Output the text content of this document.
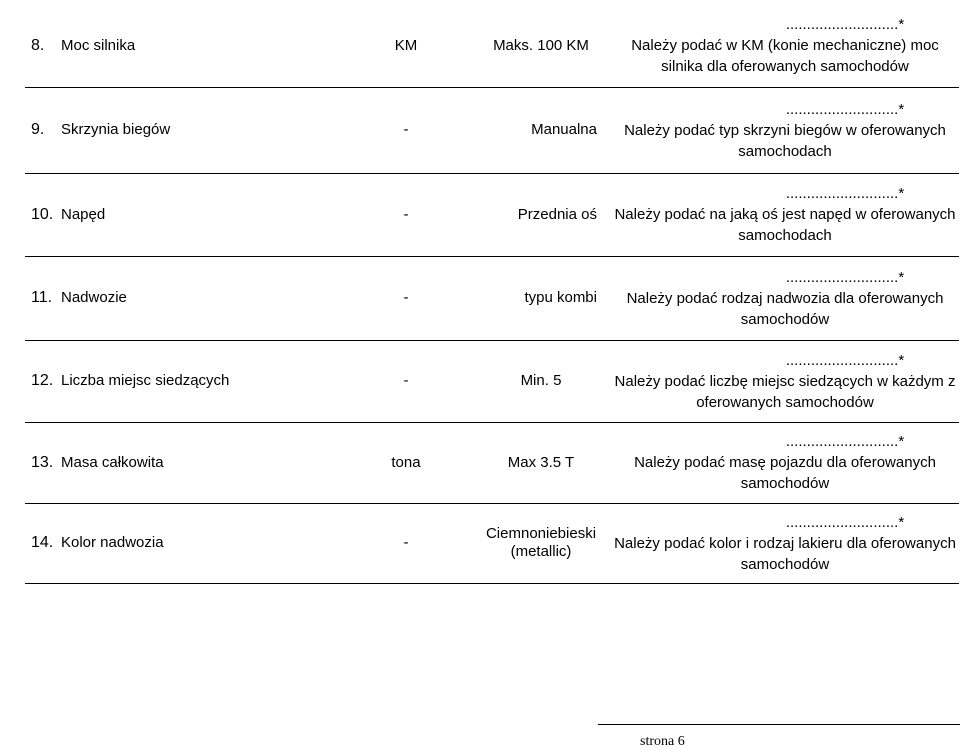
8.	Moc silnika	KM	Maks. 100 KM	...........................*
Należy podać w KM (konie mechaniczne) moc silnika dla oferowanych samochodów

9.	Skrzynia biegów	-	Manualna	...........................*
Należy podać typ skrzyni biegów w oferowanych samochodach

10.	Napęd	-	Przednia oś	...........................*
Należy podać na jaką oś jest napęd w oferowanych samochodach

11.	Nadwozie	-	typu kombi	...........................*
Należy podać rodzaj nadwozia dla oferowanych samochodów

12.	Liczba miejsc siedzących	-	Min. 5	...........................*
Należy podać liczbę miejsc siedzących w każdym z oferowanych samochodów

13.	Masa całkowita	tona	Max 3.5 T	...........................*
Należy podać masę pojazdu dla oferowanych samochodów

14.	Kolor nadwozia	-	Ciemnoniebieski (metallic)	...........................*
Należy podać kolor i rodzaj lakieru dla oferowanych samochodów
strona 6
